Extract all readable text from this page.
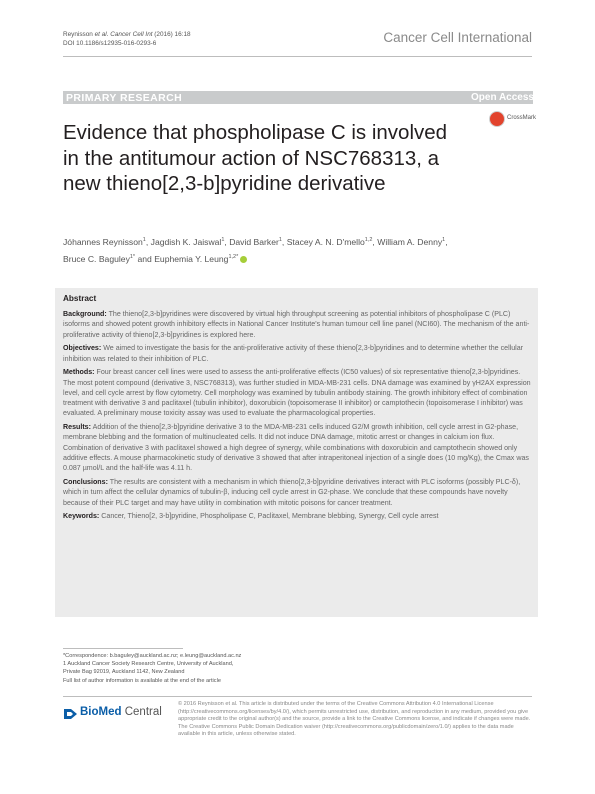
Reynisson et al. Cancer Cell Int (2016) 16:18
DOI 10.1186/s12935-016-0293-6	Cancer Cell International
PRIMARY RESEARCH	Open Access
CrossMark
Evidence that phospholipase C is involved in the antitumour action of NSC768313, a new thieno[2,3-b]pyridine derivative
Jóhannes Reynisson$^1$, Jagdish K. Jaiswal$^1$, David Barker$^1$, Stacey A. N. D'mello$^{1,2}$, William A. Denny$^1$,
Bruce C. Baguley$^{1*}$ and Euphemia Y. Leung$^{1,2*}$
Abstract

Background: The thieno[2,3-b]pyridines were discovered by virtual high throughput screening as potential inhibitors of phospholipase C (PLC) isoforms and showed potent growth inhibitory effects in National Cancer Institute's human tumour cell line panel (NCI60). The mechanism of the anti-proliferative activity of thieno[2,3-b]pyridines is explored here.

Objectives: We aimed to investigate the basis for the anti-proliferative activity of these thieno[2,3-b]pyridines and to determine whether the cellular inhibition was related to their inhibition of PLC.

Methods: Four breast cancer cell lines were used to assess the anti-proliferative effects (IC50 values) of six representative thieno[2,3-b]pyridines. The most potent compound (derivative 3, NSC768313), was further studied in MDA-MB-231 cells. DNA damage was examined by γH2AX expression level, and cell cycle arrest by flow cytometry. Cell morphology was examined by tubulin antibody staining. The growth inhibitory effect of combination treatment with derivative 3 and paclitaxel (tubulin inhibitor), doxorubicin (topoisomerase II inhibitor) or camptothecin (topoisomerase I inhibitor) was evaluated. A preliminary mouse toxicity assay was used to evaluate the pharmacological properties.

Results: Addition of the thieno[2,3-b]pyridine derivative 3 to the MDA-MB-231 cells induced G2/M growth inhibition, cell cycle arrest in G2-phase, membrane blebbing and the formation of multinucleated cells. It did not induce DNA damage, mitotic arrest or changes in calcium ion flux. Combination of derivative 3 with paclitaxel showed a high degree of synergy, while combinations with doxorubicin and camptothecin showed only additive effects. A mouse pharmacokinetic study of derivative 3 showed that after intraperitoneal injection of a single does (10 mg/Kg), the Cmax was 0.087 µmol/L and the half-life was 4.11 h.

Conclusions: The results are consistent with a mechanism in which thieno[2,3-b]pyridine derivatives interact with PLC isoforms (possibly PLC-δ), which in turn affect the cellular dynamics of tubulin-β, inducing cell cycle arrest in G2-phase. We conclude that these compounds have novelty because of their PLC target and may have utility in combination with mitotic poisons for cancer treatment.

Keywords: Cancer, Thieno[2, 3-b]pyridine, Phospholipase C, Paclitaxel, Membrane blebbing, Synergy, Cell cycle arrest

*Correspondence: b.baguley@auckland.ac.nz; e.leung@auckland.ac.nz
1 Auckland Cancer Society Research Centre, University of Auckland,
Private Bag 92019, Auckland 1142, New Zealand
Full list of author information is available at the end of the article
BioMed Central
© 2016 Reynisson et al. This article is distributed under the terms of the Creative Commons Attribution 4.0 International License (http://creativecommons.org/licenses/by/4.0/), which permits unrestricted use, distribution, and reproduction in any medium, provided you give appropriate credit to the original author(s) and the source, provide a link to the Creative Commons license, and indicate if changes were made. The Creative Commons Public Domain Dedication waiver (http://creativecommons.org/publicdomain/zero/1.0/) applies to the data made available in this article, unless otherwise stated.
